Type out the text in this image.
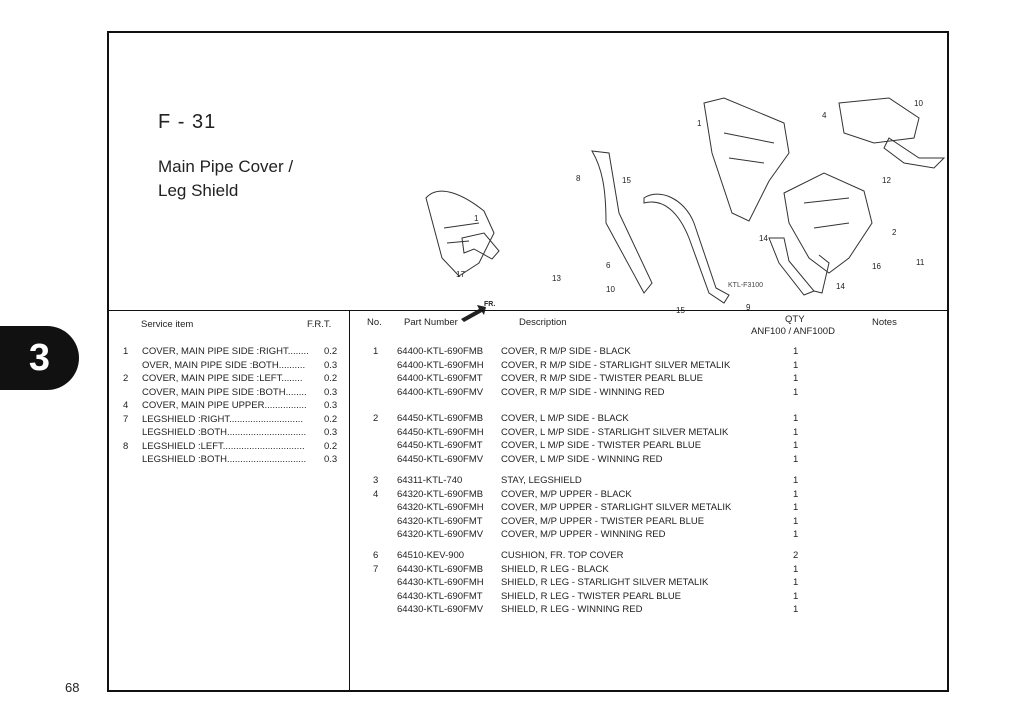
3
68
F - 31
Main Pipe Cover /
Leg Shield
1
17	13
10
8	15
6
15	9
1
4
10
12
2
14
16	11
14
FR.
KTL-F3100
Service item	F.R.T.	No. Part Number	Description	QTY
ANF100 / ANF100D
Notes
1 COVER, MAIN PIPE SIDE :RIGHT........ 0.2
OVER, MAIN PIPE SIDE :BOTH.......... 0.3
2 COVER, MAIN PIPE SIDE :LEFT........ 0.2
COVER, MAIN PIPE SIDE :BOTH........ 0.3
4 COVER, MAIN PIPE UPPER................ 0.3
7 LEGSHIELD :RIGHT............................ 0.2
LEGSHIELD :BOTH.............................. 0.3
8 LEGSHIELD :LEFT............................... 0.2
LEGSHIELD :BOTH.............................. 0.3
1 64400-KTL-690FMB COVER, R M/P SIDE - BLACK	1
64400-KTL-690FMH COVER, R M/P SIDE - STARLIGHT SILVER METALIK	1
64400-KTL-690FMT COVER, R M/P SIDE - TWISTER PEARL BLUE	1
64400-KTL-690FMV COVER, R M/P SIDE - WINNING RED	1
2 64450-KTL-690FMB COVER, L M/P SIDE - BLACK	1
64450-KTL-690FMH COVER, L M/P SIDE - STARLIGHT SILVER METALIK	1
64450-KTL-690FMT COVER, L M/P SIDE - TWISTER PEARL BLUE	1
64450-KTL-690FMV COVER, L M/P SIDE - WINNING RED	1
3 64311-KTL-740	STAY, LEGSHIELD	1
4 64320-KTL-690FMB COVER, M/P UPPER - BLACK	1
64320-KTL-690FMH COVER, M/P UPPER - STARLIGHT SILVER METALIK	1
64320-KTL-690FMT COVER, M/P UPPER - TWISTER PEARL BLUE	1
64320-KTL-690FMV COVER, M/P UPPER - WINNING RED	1
6 64510-KEV-900	CUSHION, FR. TOP COVER	2
7 64430-KTL-690FMB SHIELD, R LEG - BLACK	1
64430-KTL-690FMH SHIELD, R LEG - STARLIGHT SILVER METALIK	1
64430-KTL-690FMT SHIELD, R LEG - TWISTER PEARL BLUE	1
64430-KTL-690FMV SHIELD, R LEG - WINNING RED	1
